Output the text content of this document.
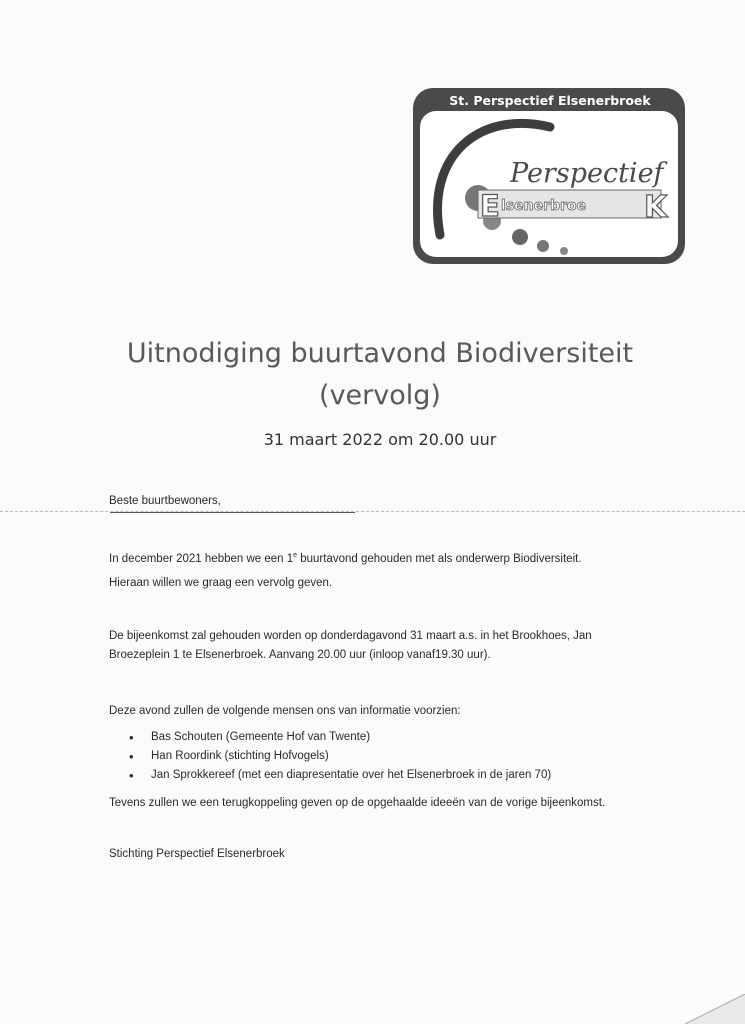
St. Perspectief Elsenerbroek
Perspectief
E lsenerbroe K
Uitnodiging buurtavond Biodiversiteit
(vervolg)
31 maart 2022 om 20.00 uur
Beste buurtbewoners,
In december 2021 hebben we een 1e buurtavond gehouden met als onderwerp Biodiversiteit.
Hieraan willen we graag een vervolg geven.
De bijeenkomst zal gehouden worden op donderdagavond 31 maart a.s. in het Brookhoes, Jan Broezeplein 1 te Elsenerbroek. Aanvang 20.00 uur (inloop vanaf19.30 uur).
Deze avond zullen de volgende mensen ons van informatie voorzien:
• Bas Schouten (Gemeente Hof van Twente)
• Han Roordink (stichting Hofvogels)
• Jan Sprokkereef (met een diapresentatie over het Elsenerbroek in de jaren 70)
Tevens zullen we een terugkoppeling geven op de opgehaalde ideeën van de vorige bijeenkomst.
Stichting Perspectief Elsenerbroek
